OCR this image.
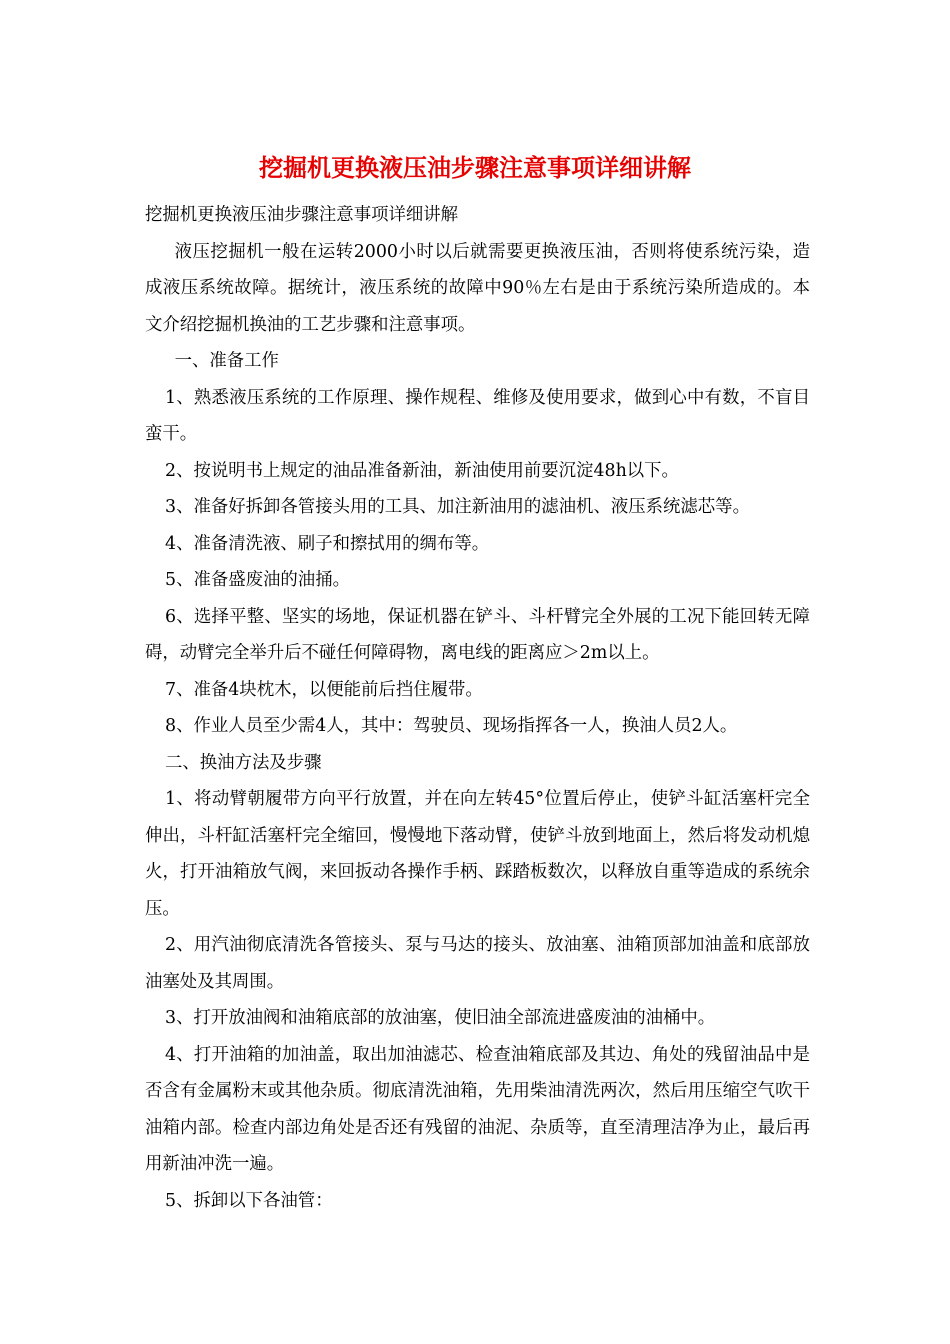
挖掘机更换液压油步骤注意事项详细讲解

挖掘机更换液压油步骤注意事项详细讲解

液压挖掘机一般在运转2000小时以后就需要更换液压油，否则将使系统污染，造成液压系统故障。据统计，液压系统的故障中90％左右是由于系统污染所造成的。本文介绍挖掘机换油的工艺步骤和注意事项。

一、准备工作

1、熟悉液压系统的工作原理、操作规程、维修及使用要求，做到心中有数，不盲目蛮干。

2、按说明书上规定的油品准备新油，新油使用前要沉淀48h以下。

3、准备好拆卸各管接头用的工具、加注新油用的滤油机、液压系统滤芯等。

4、准备清洗液、刷子和擦拭用的绸布等。

5、准备盛废油的油捅。

6、选择平整、坚实的场地，保证机器在铲斗、斗杆臂完全外展的工况下能回转无障碍，动臂完全举升后不碰任何障碍物，离电线的距离应＞2m以上。

7、准备4块枕木，以便能前后挡住履带。

8、作业人员至少需4人，其中：驾驶员、现场指挥各一人，换油人员2人。

二、换油方法及步骤

1、将动臂朝履带方向平行放置，并在向左转45°位置后停止，使铲斗缸活塞杆完全伸出，斗杆缸活塞杆完全缩回，慢慢地下落动臂，使铲斗放到地面上，然后将发动机熄火，打开油箱放气阀，来回扳动各操作手柄、踩踏板数次，以释放自重等造成的系统余压。

2、用汽油彻底清洗各管接头、泵与马达的接头、放油塞、油箱顶部加油盖和底部放油塞处及其周围。

3、打开放油阀和油箱底部的放油塞，使旧油全部流进盛废油的油桶中。

4、打开油箱的加油盖，取出加油滤芯、检查油箱底部及其边、角处的残留油品中是否含有金属粉末或其他杂质。彻底清洗油箱，先用柴油清洗两次，然后用压缩空气吹干油箱内部。检查内部边角处是否还有残留的油泥、杂质等，直至清理洁净为止，最后再用新油冲洗一遍。

5、拆卸以下各油管：
